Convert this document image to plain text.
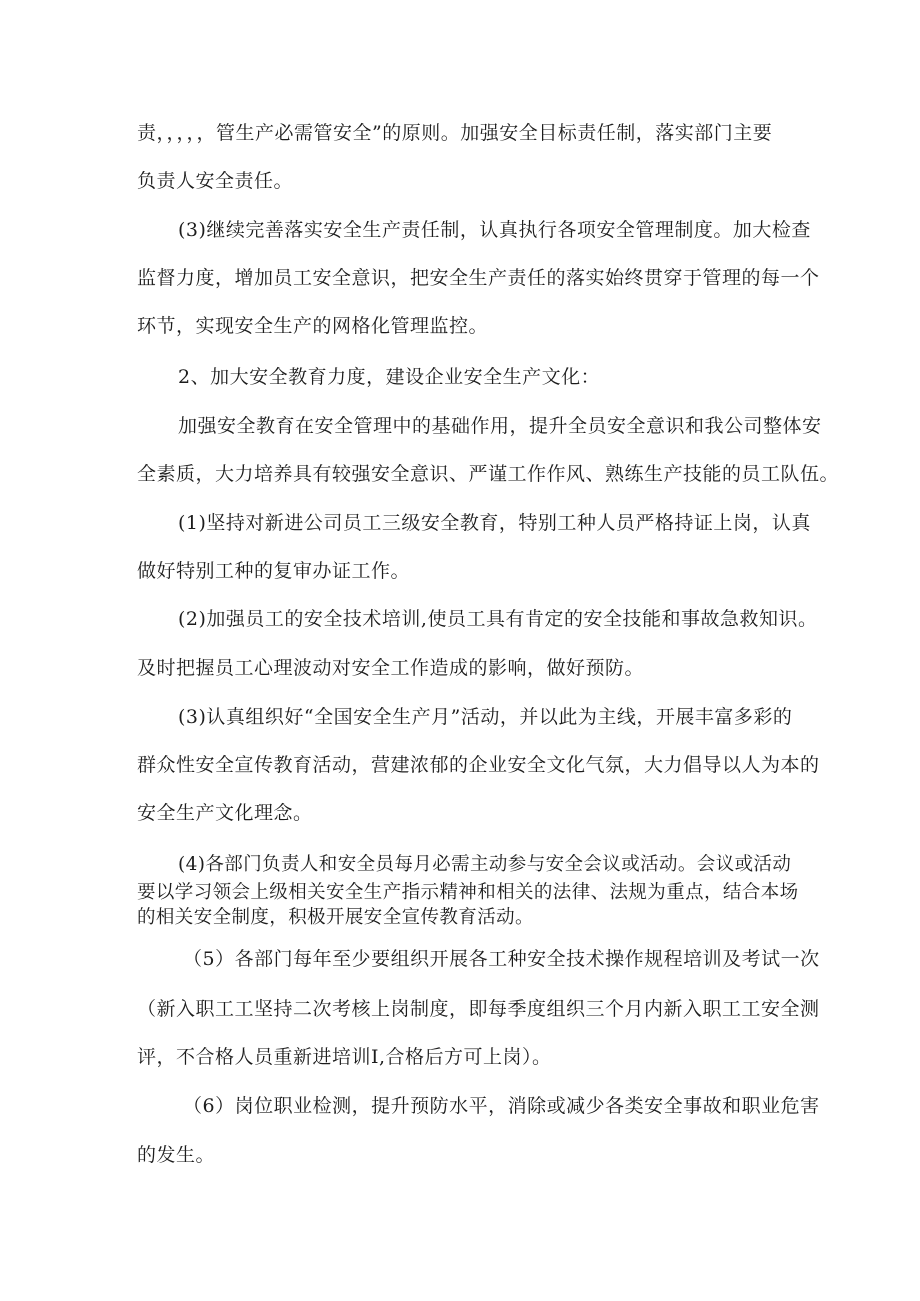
责，，，，，管生产必需管安全”的原则。加强安全目标责任制，落实部门主要

负责人安全责任。

(3)继续完善落实安全生产责任制，认真执行各项安全管理制度。加大检查

监督力度，增加员工安全意识，把安全生产责任的落实始终贯穿于管理的每一个

环节，实现安全生产的网格化管理监控。

2、加大安全教育力度，建设企业安全生产文化：

加强安全教育在安全管理中的基础作用，提升全员安全意识和我公司整体安

全素质，大力培养具有较强安全意识、严谨工作作风、熟练生产技能的员工队伍。

(1)坚持对新进公司员工三级安全教育，特别工种人员严格持证上岗，认真

做好特别工种的复审办证工作。

(2)加强员工的安全技术培训,使员工具有肯定的安全技能和事故急救知识。

及时把握员工心理波动对安全工作造成的影响，做好预防。

(3)认真组织好“全国安全生产月”活动，并以此为主线，开展丰富多彩的

群众性安全宣传教育活动，营建浓郁的企业安全文化气氛，大力倡导以人为本的

安全生产文化理念。

(4)各部门负责人和安全员每月必需主动参与安全会议或活动。会议或活动

要以学习领会上级相关安全生产指示精神和相关的法律、法规为重点，结合本场

的相关安全制度，积极开展安全宣传教育活动。

（5）各部门每年至少要组织开展各工种安全技术操作规程培训及考试一次

（新入职工工坚持二次考核上岗制度，即每季度组织三个月内新入职工工安全测

评，不合格人员重新进培训Ⅰ,合格后方可上岗）。

（6）岗位职业检测，提升预防水平，消除或减少各类安全事故和职业危害

的发生。
